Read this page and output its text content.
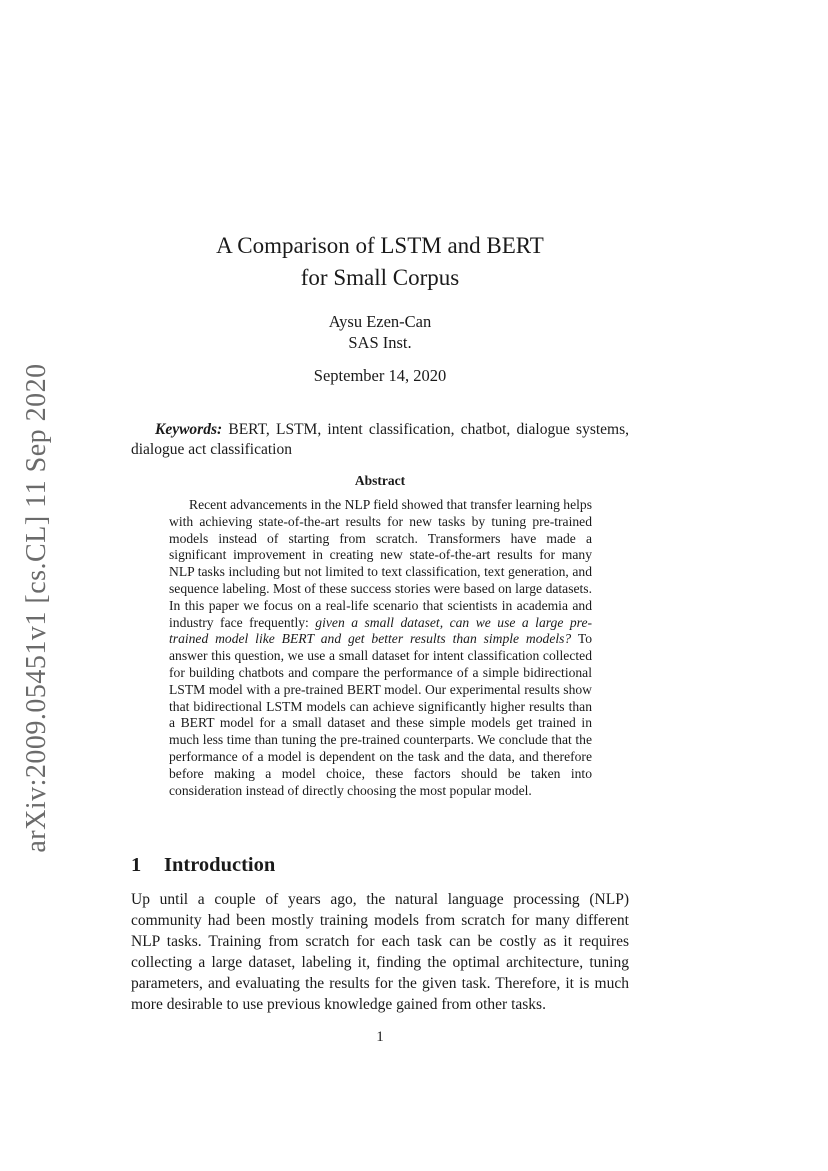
arXiv:2009.05451v1 [cs.CL] 11 Sep 2020
A Comparison of LSTM and BERT
for Small Corpus
Aysu Ezen-Can
SAS Inst.
September 14, 2020
Keywords: BERT, LSTM, intent classification, chatbot, dialogue systems, dialogue act classification
Abstract
Recent advancements in the NLP field showed that transfer learning helps with achieving state-of-the-art results for new tasks by tuning pre-trained models instead of starting from scratch. Transformers have made a significant improvement in creating new state-of-the-art results for many NLP tasks including but not limited to text classification, text generation, and sequence labeling. Most of these success stories were based on large datasets. In this paper we focus on a real-life scenario that scientists in academia and industry face frequently: given a small dataset, can we use a large pre-trained model like BERT and get better results than simple models? To answer this question, we use a small dataset for intent classification collected for building chatbots and compare the performance of a simple bidirectional LSTM model with a pre-trained BERT model. Our experimental results show that bidirectional LSTM models can achieve significantly higher results than a BERT model for a small dataset and these simple models get trained in much less time than tuning the pre-trained counterparts. We conclude that the performance of a model is dependent on the task and the data, and therefore before making a model choice, these factors should be taken into consideration instead of directly choosing the most popular model.
1 Introduction
Up until a couple of years ago, the natural language processing (NLP) community had been mostly training models from scratch for many different NLP tasks. Training from scratch for each task can be costly as it requires collecting a large dataset, labeling it, finding the optimal architecture, tuning parameters, and evaluating the results for the given task. Therefore, it is much more desirable to use previous knowledge gained from other tasks.
1
